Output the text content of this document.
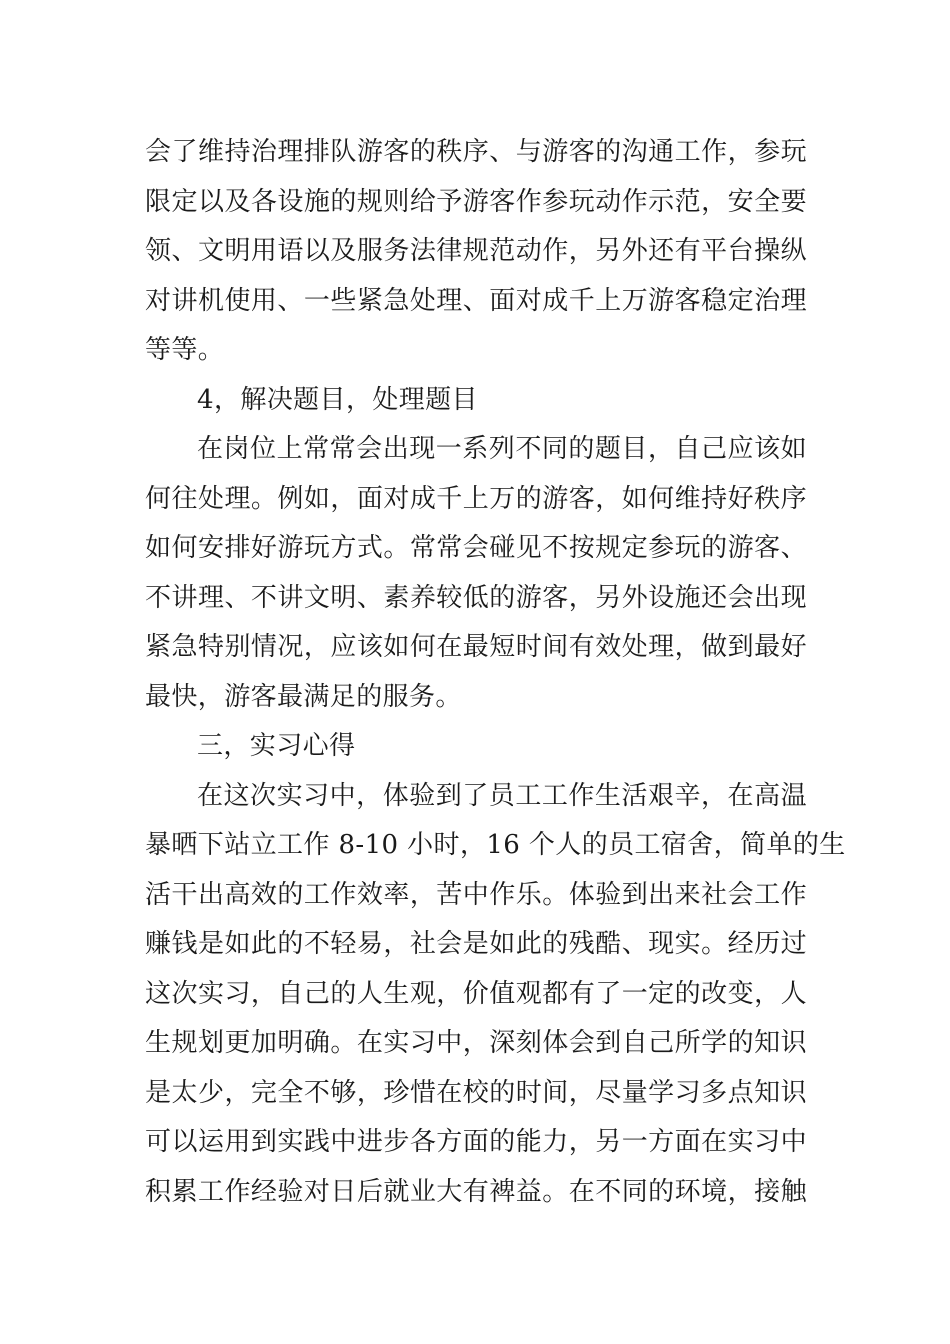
会了维持治理排队游客的秩序、与游客的沟通工作，参玩
限定以及各设施的规则给予游客作参玩动作示范，安全要
领、文明用语以及服务法律规范动作，另外还有平台操纵
对讲机使用、一些紧急处理、面对成千上万游客稳定治理
等等。
4，解决题目，处理题目
在岗位上常常会出现一系列不同的题目，自己应该如
何往处理。例如，面对成千上万的游客，如何维持好秩序
如何安排好游玩方式。常常会碰见不按规定参玩的游客、
不讲理、不讲文明、素养较低的游客，另外设施还会出现
紧急特别情况，应该如何在最短时间有效处理，做到最好
最快，游客最满足的服务。
三，实习心得
在这次实习中，体验到了员工工作生活艰辛，在高温
暴晒下站立工作 8-10 小时，16 个人的员工宿舍，简单的生
活干出高效的工作效率，苦中作乐。体验到出来社会工作
赚钱是如此的不轻易，社会是如此的残酷、现实。经历过
这次实习，自己的人生观，价值观都有了一定的改变，人
生规划更加明确。在实习中，深刻体会到自己所学的知识
是太少，完全不够，珍惜在校的时间，尽量学习多点知识
可以运用到实践中进步各方面的能力，另一方面在实习中
积累工作经验对日后就业大有裨益。在不同的环境，接触
